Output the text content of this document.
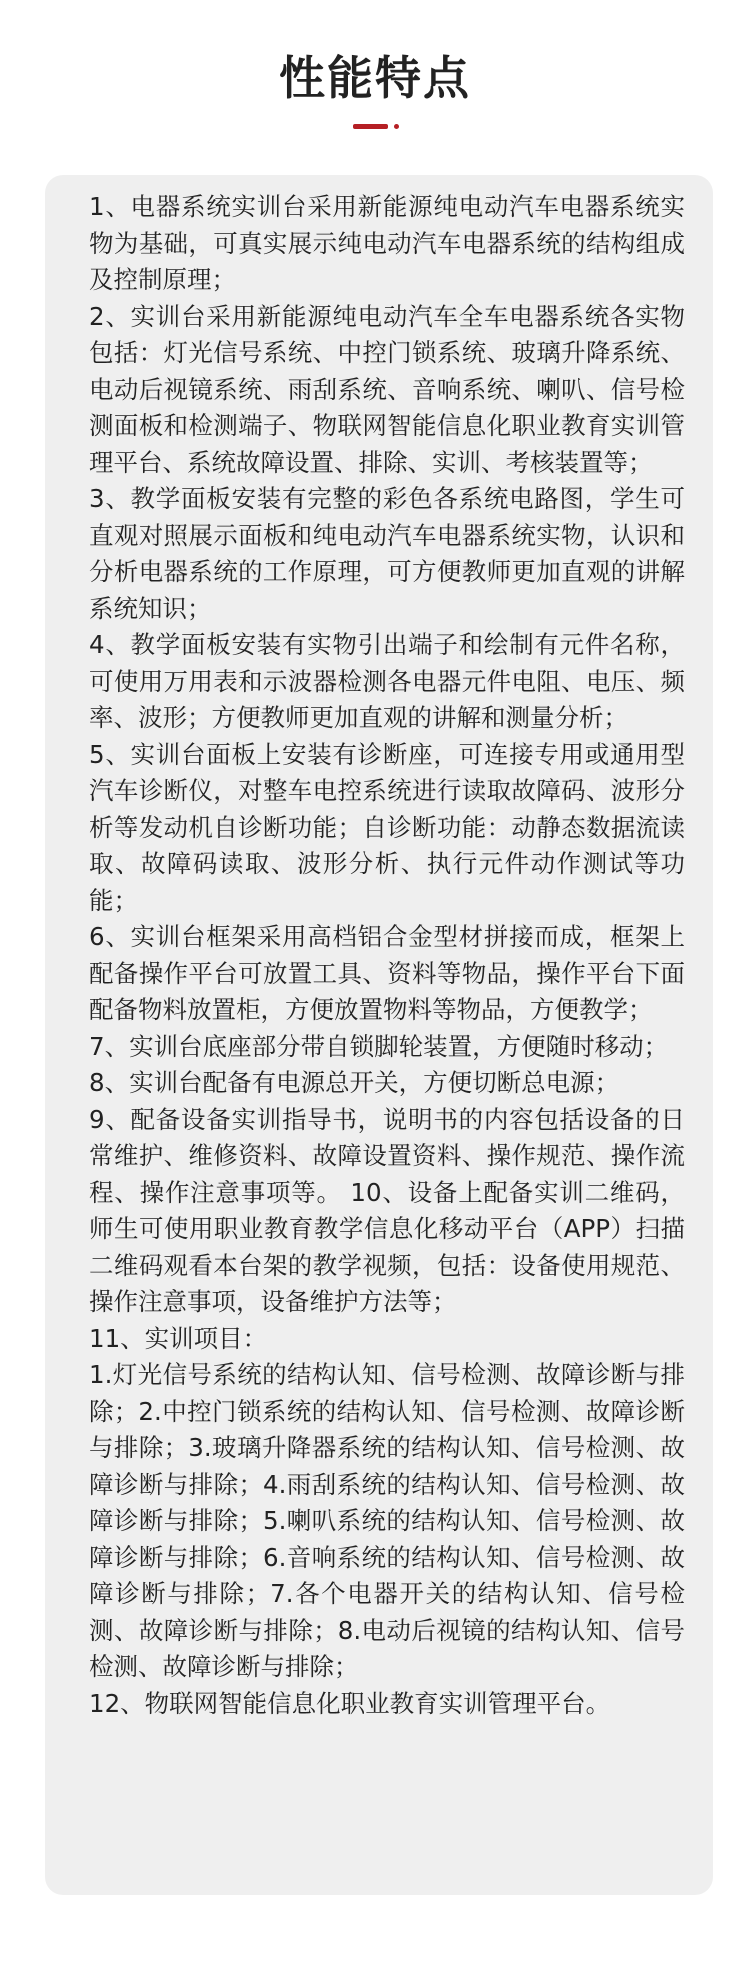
性能特点

1、电器系统实训台采用新能源纯电动汽车电器系统实物为基础，可真实展示纯电动汽车电器系统的结构组成及控制原理；

2、实训台采用新能源纯电动汽车全车电器系统各实物包括：灯光信号系统、中控门锁系统、玻璃升降系统、电动后视镜系统、雨刮系统、音响系统、喇叭、信号检测面板和检测端子、物联网智能信息化职业教育实训管理平台、系统故障设置、排除、实训、考核装置等；

3、教学面板安装有完整的彩色各系统电路图，学生可直观对照展示面板和纯电动汽车电器系统实物，认识和分析电器系统的工作原理，可方便教师更加直观的讲解系统知识；

4、教学面板安装有实物引出端子和绘制有元件名称，可使用万用表和示波器检测各电器元件电阻、电压、频率、波形；方便教师更加直观的讲解和测量分析；

5、实训台面板上安装有诊断座，可连接专用或通用型汽车诊断仪，对整车电控系统进行读取故障码、波形分析等发动机自诊断功能；自诊断功能：动静态数据流读取、故障码读取、波形分析、执行元件动作测试等功能；

6、实训台框架采用高档铝合金型材拼接而成，框架上配备操作平台可放置工具、资料等物品，操作平台下面配备物料放置柜，方便放置物料等物品，方便教学；

7、实训台底座部分带自锁脚轮装置，方便随时移动；

8、实训台配备有电源总开关，方便切断总电源；

9、配备设备实训指导书，说明书的内容包括设备的日常维护、维修资料、故障设置资料、操作规范、操作流程、操作注意事项等。 10、设备上配备实训二维码，师生可使用职业教育教学信息化移动平台（APP）扫描二维码观看本台架的教学视频，包括：设备使用规范、操作注意事项，设备维护方法等；

11、实训项目：

1.灯光信号系统的结构认知、信号检测、故障诊断与排除；2.中控门锁系统的结构认知、信号检测、故障诊断与排除；3.玻璃升降器系统的结构认知、信号检测、故障诊断与排除；4.雨刮系统的结构认知、信号检测、故障诊断与排除；5.喇叭系统的结构认知、信号检测、故障诊断与排除；6.音响系统的结构认知、信号检测、故障诊断与排除；7.各个电器开关的结构认知、信号检测、故障诊断与排除；8.电动后视镜的结构认知、信号检测、故障诊断与排除；

12、物联网智能信息化职业教育实训管理平台。
